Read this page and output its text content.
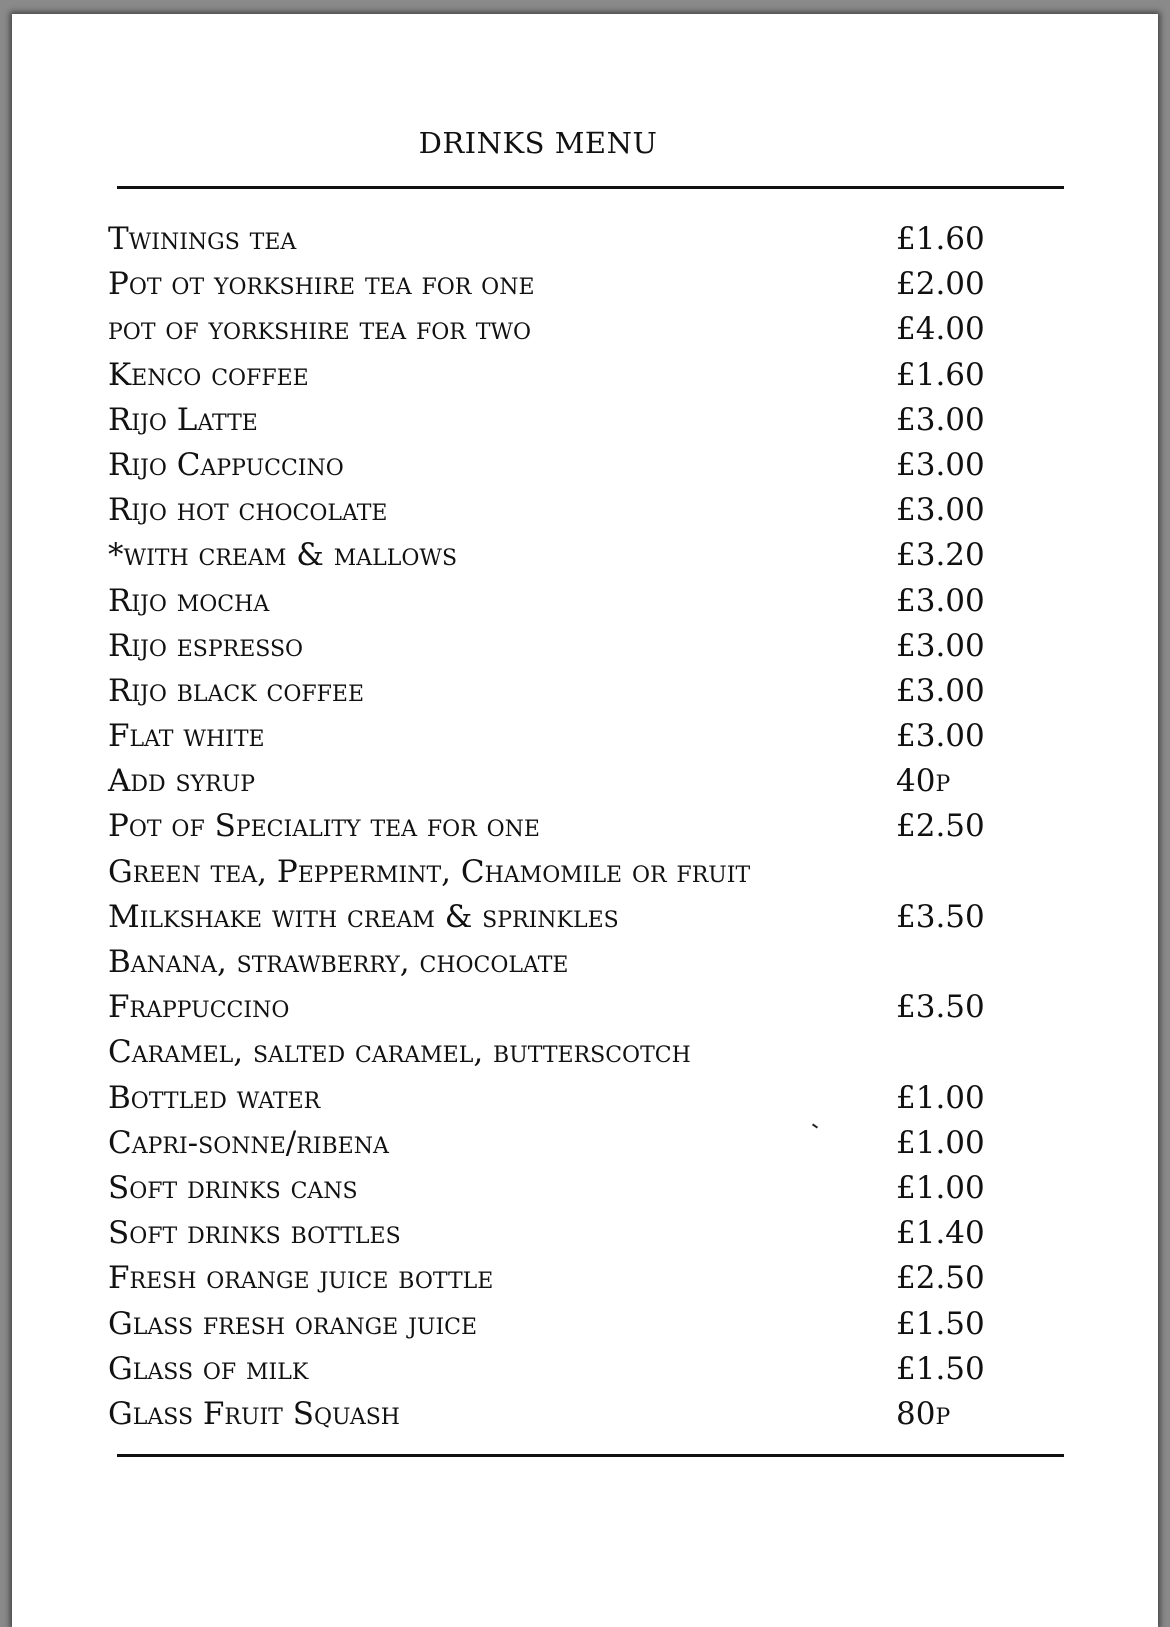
DRINKS MENU
Twinings tea	£1.60
Pot ot yorkshire tea for one	£2.00
pot of yorkshire tea for two	£4.00
Kenco coffee	£1.60
Rijo Latte	£3.00
Rijo Cappuccino	£3.00
Rijo hot chocolate	£3.00
*with cream & mallows	£3.20
Rijo mocha	£3.00
Rijo espresso	£3.00
Rijo black coffee	£3.00
Flat white	£3.00
Add syrup	40p
Pot of Speciality tea for one	£2.50
Green tea, Peppermint, Chamomile or fruit
Milkshake with cream & sprinkles	£3.50
Banana, strawberry, chocolate
Frappuccino	£3.50
Caramel, salted caramel, butterscotch
Bottled water	£1.00
Capri-sonne/ribena	£1.00
Soft drinks cans	£1.00
Soft drinks bottles	£1.40
Fresh orange juice bottle	£2.50
Glass fresh orange juice	£1.50
Glass of milk	£1.50
Glass Fruit Squash	80p
